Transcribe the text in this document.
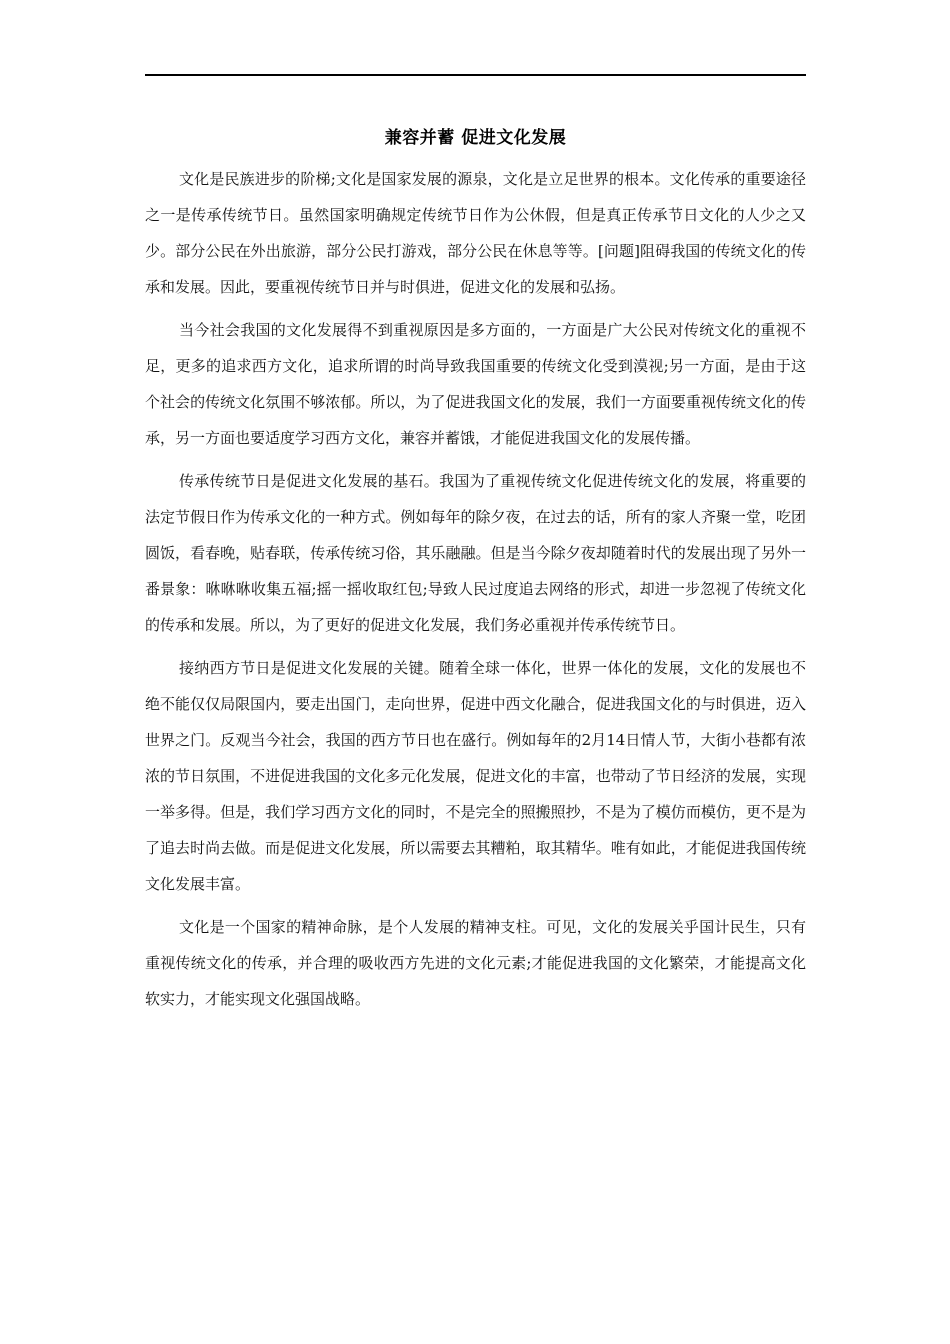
兼容并蓄 促进文化发展

文化是民族进步的阶梯;文化是国家发展的源泉，文化是立足世界的根本。文化传承的重要途径之一是传承传统节日。虽然国家明确规定传统节日作为公休假，但是真正传承节日文化的人少之又少。部分公民在外出旅游，部分公民打游戏，部分公民在休息等等。[问题]阻碍我国的传统文化的传承和发展。因此，要重视传统节日并与时俱进，促进文化的发展和弘扬。

当今社会我国的文化发展得不到重视原因是多方面的，一方面是广大公民对传统文化的重视不足，更多的追求西方文化，追求所谓的时尚导致我国重要的传统文化受到漠视;另一方面，是由于这个社会的传统文化氛围不够浓郁。所以，为了促进我国文化的发展，我们一方面要重视传统文化的传承，另一方面也要适度学习西方文化，兼容并蓄饿，才能促进我国文化的发展传播。

传承传统节日是促进文化发展的基石。我国为了重视传统文化促进传统文化的发展，将重要的法定节假日作为传承文化的一种方式。例如每年的除夕夜，在过去的话，所有的家人齐聚一堂，吃团圆饭，看春晚，贴春联，传承传统习俗，其乐融融。但是当今除夕夜却随着时代的发展出现了另外一番景象：咻咻咻收集五福;摇一摇收取红包;导致人民过度追去网络的形式，却进一步忽视了传统文化的传承和发展。所以，为了更好的促进文化发展，我们务必重视并传承传统节日。

接纳西方节日是促进文化发展的关键。随着全球一体化，世界一体化的发展，文化的发展也不绝不能仅仅局限国内，要走出国门，走向世界，促进中西文化融合，促进我国文化的与时俱进，迈入世界之门。反观当今社会，我国的西方节日也在盛行。例如每年的2月14日情人节，大街小巷都有浓浓的节日氛围，不进促进我国的文化多元化发展，促进文化的丰富，也带动了节日经济的发展，实现一举多得。但是，我们学习西方文化的同时，不是完全的照搬照抄，不是为了模仿而模仿，更不是为了追去时尚去做。而是促进文化发展，所以需要去其糟粕，取其精华。唯有如此，才能促进我国传统文化发展丰富。

文化是一个国家的精神命脉，是个人发展的精神支柱。可见，文化的发展关乎国计民生，只有重视传统文化的传承，并合理的吸收西方先进的文化元素;才能促进我国的文化繁荣，才能提高文化软实力，才能实现文化强国战略。
